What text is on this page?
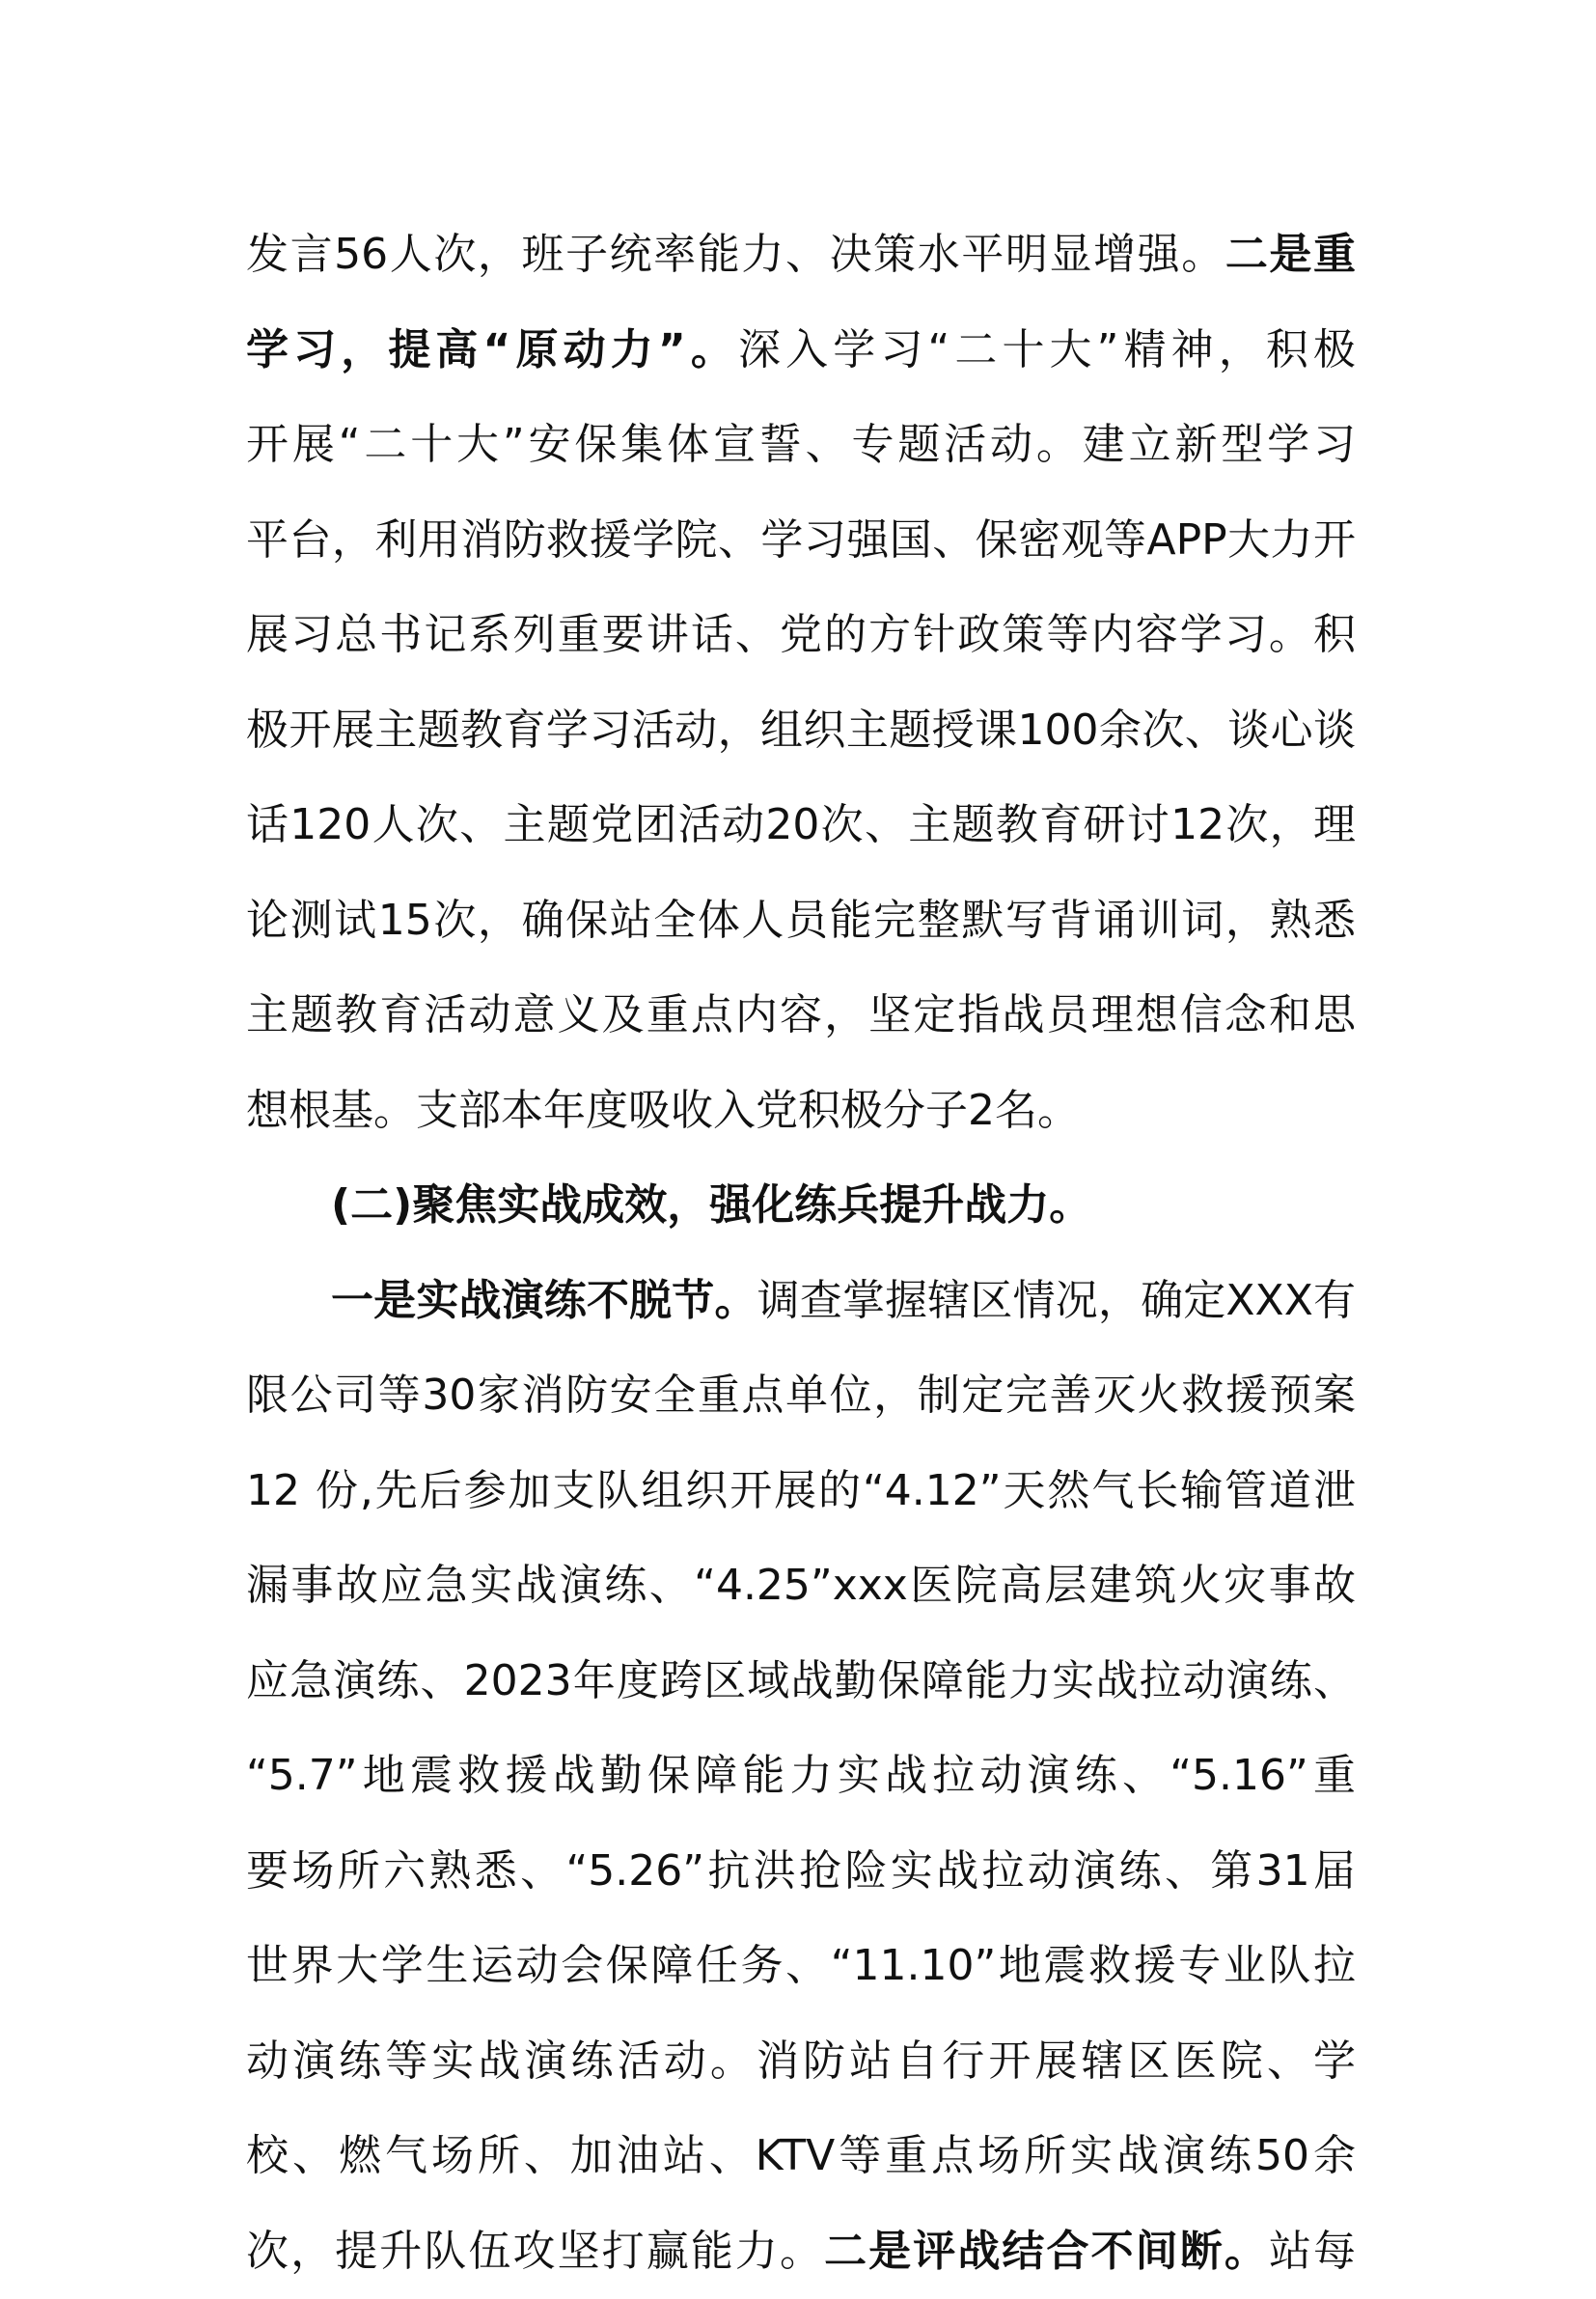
发言56人次，班子统率能力、决策水平明显增强。二是重
学习，提高“原动力”。深入学习“二十大”精神，积极
开展“二十大”安保集体宣誓、专题活动。建立新型学习
平台，利用消防救援学院、学习强国、保密观等APP大力开
展习总书记系列重要讲话、党的方针政策等内容学习。积
极开展主题教育学习活动，组织主题授课100余次、谈心谈
话120人次、主题党团活动20次、主题教育研讨12次，理
论测试15次，确保站全体人员能完整默写背诵训词，熟悉
主题教育活动意义及重点内容，坚定指战员理想信念和思
想根基。支部本年度吸收入党积极分子2名。
(二)聚焦实战成效，强化练兵提升战力。
一是实战演练不脱节。调查掌握辖区情况，确定XXX有
限公司等30家消防安全重点单位，制定完善灭火救援预案
12 份,先后参加支队组织开展的“4.12”天然气长输管道泄
漏事故应急实战演练、“4.25”xxx医院高层建筑火灾事故
应急演练、2023年度跨区域战勤保障能力实战拉动演练、
“5.7”地震救援战勤保障能力实战拉动演练、“5.16”重
要场所六熟悉、“5.26”抗洪抢险实战拉动演练、第31届
世界大学生运动会保障任务、“11.10”地震救援专业队拉
动演练等实战演练活动。消防站自行开展辖区医院、学
校、燃气场所、加油站、KTV等重点场所实战演练50余
次，提升队伍攻坚打赢能力。二是评战结合不间断。站每
